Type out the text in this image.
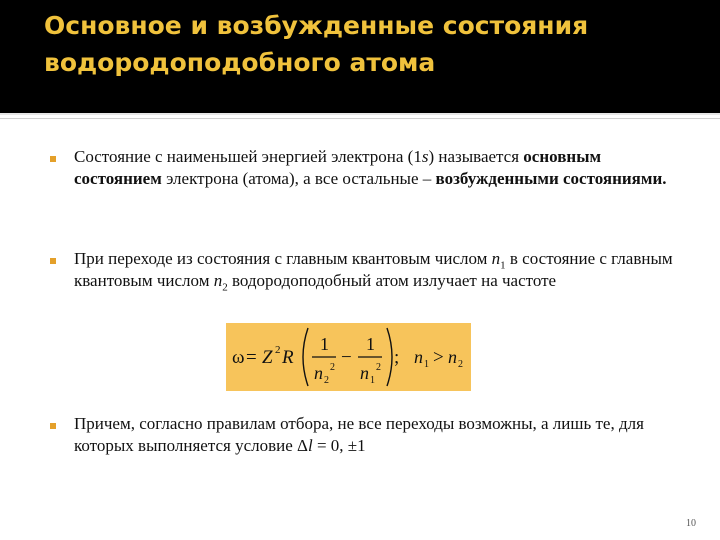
Основное и возбужденные состояния водородоподобного атома

Состояние с наименьшей энергией электрона (1s) называется основным состоянием электрона (атома), а все остальные – возбужденными состояниями.

При переходе из состояния с главным квантовым числом $n_1$ в состояние с главным квантовым числом $n_2$ водородоподобный атом излучает на частоте

ω = Z 2 R
1
n 2
2 −
1
n 1
2 ; n 1 > n 2

Причем, согласно правилам отбора, не все переходы возможны, а лишь те, для которых выполняется условие Δl = 0, ±1

10
